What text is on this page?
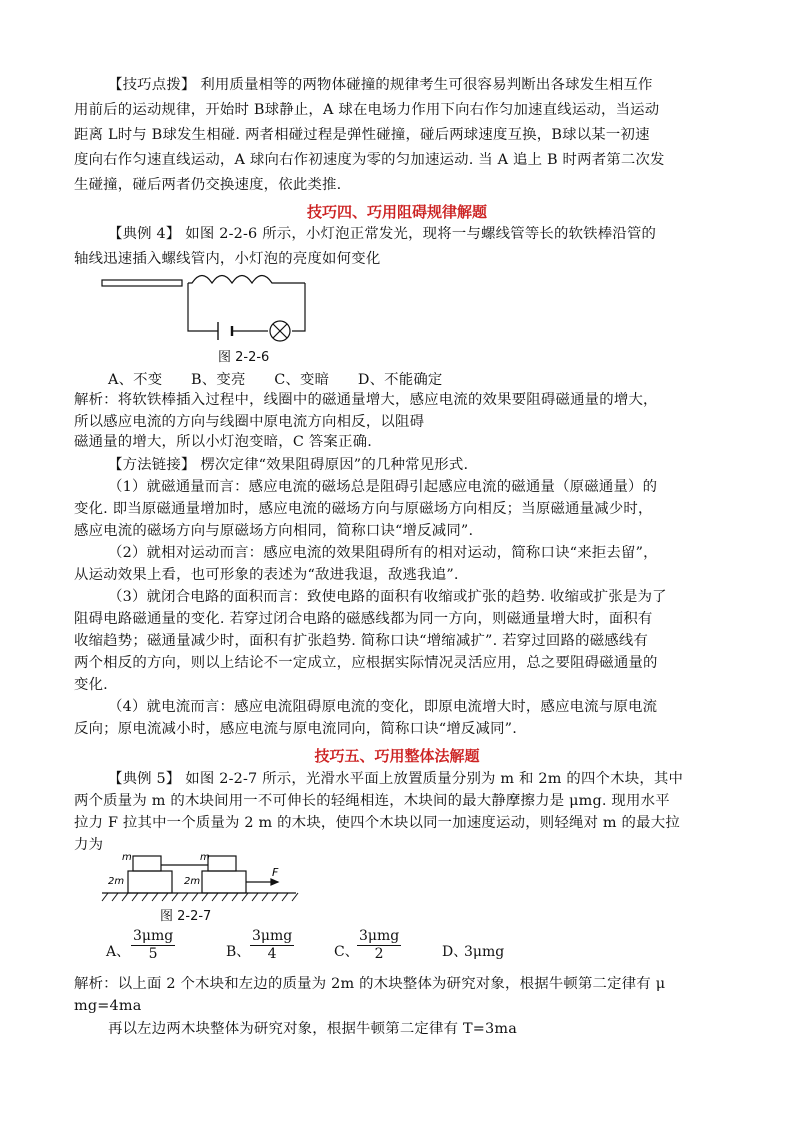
【技巧点拨】 利用质量相等的两物体碰撞的规律考生可很容易判断出各球发生相互作
用前后的运动规律，开始时 B球静止，A 球在电场力作用下向右作匀加速直线运动，当运动
距离 L时与 B球发生相碰. 两者相碰过程是弹性碰撞，碰后两球速度互换，B球以某一初速
度向右作匀速直线运动，A 球向右作初速度为零的匀加速运动. 当 A 追上 B 时两者第二次发
生碰撞，碰后两者仍交换速度，依此类推.
技巧四、巧用阻碍规律解题
【典例 4】 如图 2-2-6 所示，小灯泡正常发光，现将一与螺线管等长的软铁棒沿管的
轴线迅速插入螺线管内，小灯泡的亮度如何变化
图 2-2-6
A、不变      B、变亮      C、变暗      D、不能确定
解析：将软铁棒插入过程中，线圈中的磁通量增大，感应电流的效果要阻碍磁通量的增大，
所以感应电流的方向与线圈中原电流方向相反，以阻碍
磁通量的增大，所以小灯泡变暗，C 答案正确.
【方法链接】 楞次定律“效果阻碍原因”的几种常见形式.
（1）就磁通量而言：感应电流的磁场总是阻碍引起感应电流的磁通量（原磁通量）的
变化. 即当原磁通量增加时，感应电流的磁场方向与原磁场方向相反；当原磁通量减少时，
感应电流的磁场方向与原磁场方向相同，简称口诀“增反减同”.
（2）就相对运动而言：感应电流的效果阻碍所有的相对运动，简称口诀“来拒去留”，
从运动效果上看，也可形象的表述为“敌进我退，敌逃我追”.
（3）就闭合电路的面积而言：致使电路的面积有收缩或扩张的趋势. 收缩或扩张是为了
阻碍电路磁通量的变化. 若穿过闭合电路的磁感线都为同一方向，则磁通量增大时，面积有
收缩趋势；磁通量减少时，面积有扩张趋势. 简称口诀“增缩减扩”. 若穿过回路的磁感线有
两个相反的方向，则以上结论不一定成立，应根据实际情况灵活应用，总之要阻碍磁通量的
变化.
（4）就电流而言：感应电流阻碍原电流的变化，即原电流增大时，感应电流与原电流
反向；原电流减小时，感应电流与原电流同向，简称口诀“增反减同”.
技巧五、巧用整体法解题
【典例 5】 如图 2-2-7 所示，光滑水平面上放置质量分别为 m 和 2m 的四个木块，其中
两个质量为 m 的木块间用一不可伸长的轻绳相连，木块间的最大静摩擦力是 μmg. 现用水平
拉力 F 拉其中一个质量为 2 m 的木块，使四个木块以同一加速度运动，则轻绳对 m 的最大拉
力为
m	m
2m	2m
F
图 2-2-7
A、
3μmg
5	B、
3μmg
4	C、
3μmg
2	D、
3μmg
解析：以上面 2 个木块和左边的质量为 2m 的木块整体为研究对象，根据牛顿第二定律有 μ
mg=4ma
再以左边两木块整体为研究对象，根据牛顿第二定律有 T=3ma
